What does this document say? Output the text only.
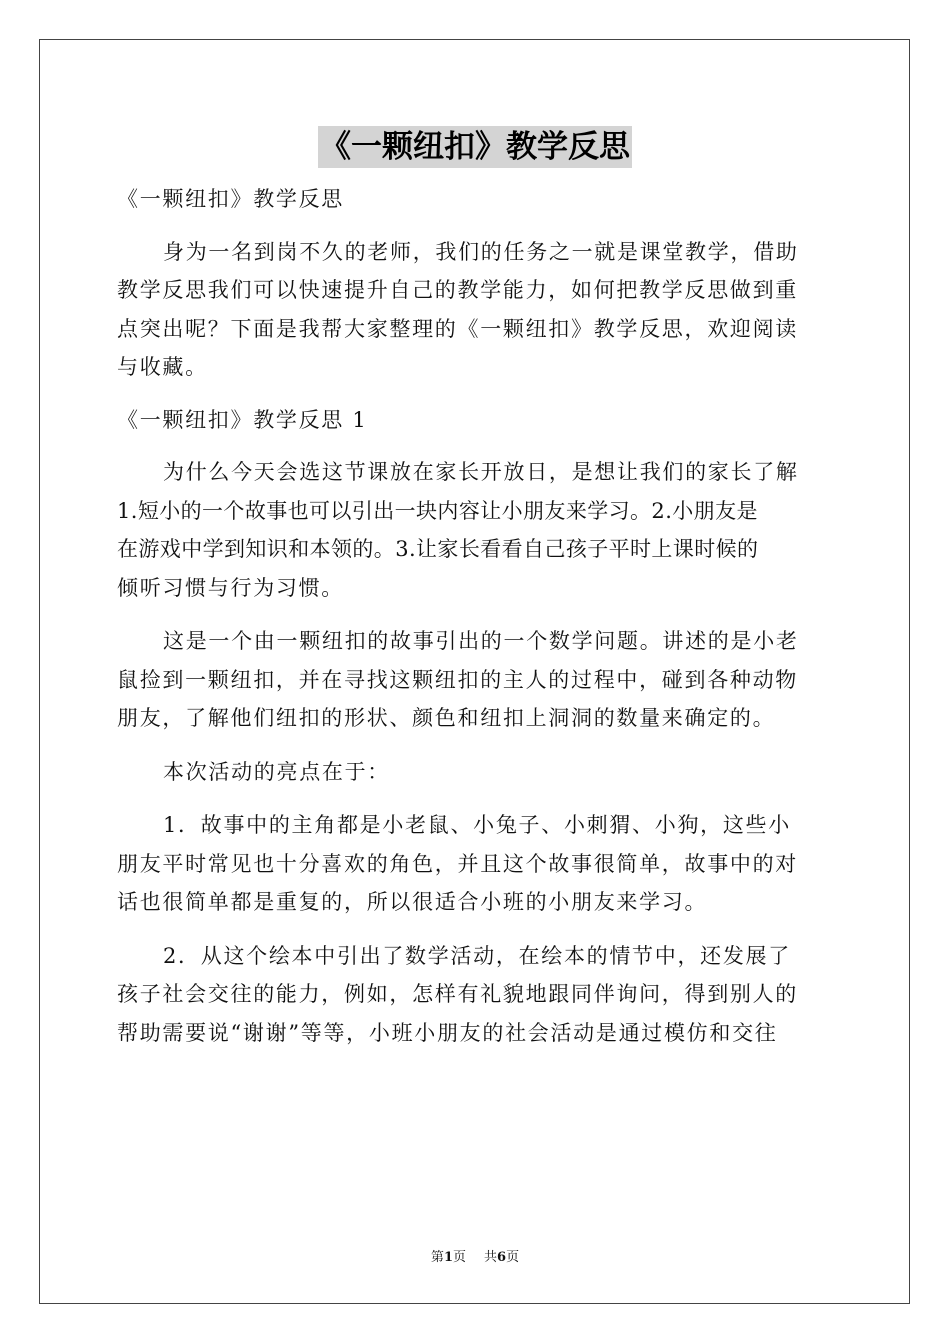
《一颗纽扣》教学反思
《一颗纽扣》教学反思
身为一名到岗不久的老师，我们的任务之一就是课堂教学，借助
教学反思我们可以快速提升自己的教学能力，如何把教学反思做到重
点突出呢？下面是我帮大家整理的《一颗纽扣》教学反思，欢迎阅读
与收藏。
《一颗纽扣》教学反思 1
为什么今天会选这节课放在家长开放日，是想让我们的家长了解
1.短小的一个故事也可以引出一块内容让小朋友来学习。2.小朋友是
在游戏中学到知识和本领的。3.让家长看看自己孩子平时上课时候的
倾听习惯与行为习惯。
这是一个由一颗纽扣的故事引出的一个数学问题。讲述的是小老
鼠捡到一颗纽扣，并在寻找这颗纽扣的主人的过程中，碰到各种动物
朋友，了解他们纽扣的形状、颜色和纽扣上洞洞的数量来确定的。
本次活动的亮点在于：
1．故事中的主角都是小老鼠、小兔子、小刺猬、小狗，这些小
朋友平时常见也十分喜欢的角色，并且这个故事很简单，故事中的对
话也很简单都是重复的，所以很适合小班的小朋友来学习。
2．从这个绘本中引出了数学活动，在绘本的情节中，还发展了
孩子社会交往的能力，例如，怎样有礼貌地跟同伴询问，得到别人的
帮助需要说“谢谢”等等，小班小朋友的社会活动是通过模仿和交往
第1页 共6页
